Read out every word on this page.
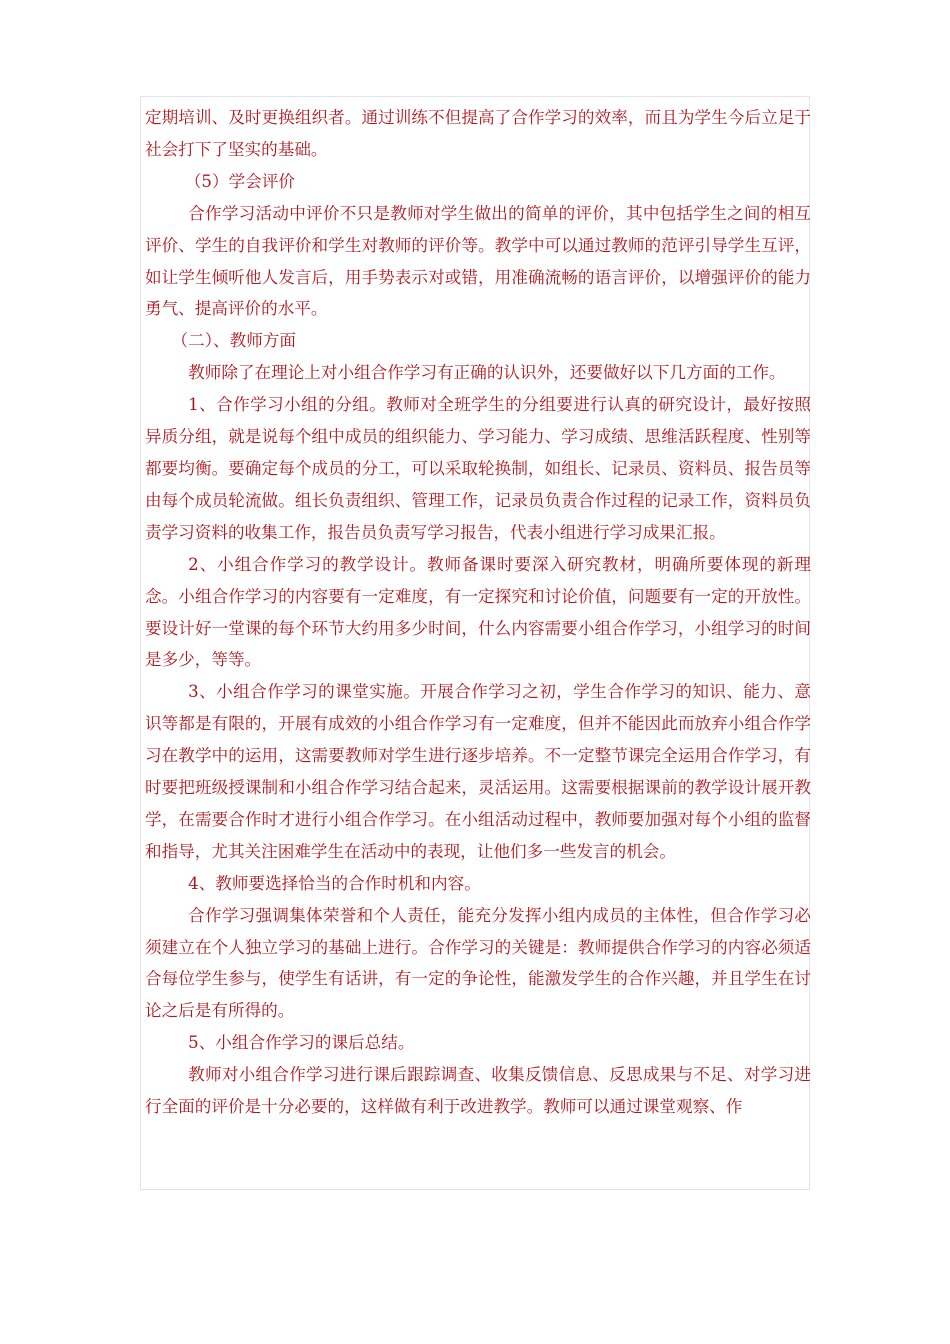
定期培训、及时更换组织者。通过训练不但提高了合作学习的效率，而且为学生今后立足于社会打下了坚实的基础。

（5）学会评价

合作学习活动中评价不只是教师对学生做出的简单的评价，其中包括学生之间的相互评价、学生的自我评价和学生对教师的评价等。教学中可以通过教师的范评引导学生互评，如让学生倾听他人发言后，用手势表示对或错，用准确流畅的语言评价，以增强评价的能力勇气、提高评价的水平。

（二）、教师方面

教师除了在理论上对小组合作学习有正确的认识外，还要做好以下几方面的工作。

1、合作学习小组的分组。教师对全班学生的分组要进行认真的研究设计，最好按照异质分组，就是说每个组中成员的组织能力、学习能力、学习成绩、思维活跃程度、性别等都要均衡。要确定每个成员的分工，可以采取轮换制，如组长、记录员、资料员、报告员等由每个成员轮流做。组长负责组织、管理工作，记录员负责合作过程的记录工作，资料员负责学习资料的收集工作，报告员负责写学习报告，代表小组进行学习成果汇报。

2、小组合作学习的教学设计。教师备课时要深入研究教材，明确所要体现的新理念。小组合作学习的内容要有一定难度，有一定探究和讨论价值，问题要有一定的开放性。要设计好一堂课的每个环节大约用多少时间，什么内容需要小组合作学习，小组学习的时间是多少，等等。

3、小组合作学习的课堂实施。开展合作学习之初，学生合作学习的知识、能力、意识等都是有限的，开展有成效的小组合作学习有一定难度，但并不能因此而放弃小组合作学习在教学中的运用，这需要教师对学生进行逐步培养。不一定整节课完全运用合作学习，有时要把班级授课制和小组合作学习结合起来，灵活运用。这需要根据课前的教学设计展开教学，在需要合作时才进行小组合作学习。在小组活动过程中，教师要加强对每个小组的监督和指导，尤其关注困难学生在活动中的表现，让他们多一些发言的机会。

4、教师要选择恰当的合作时机和内容。

合作学习强调集体荣誉和个人责任，能充分发挥小组内成员的主体性，但合作学习必须建立在个人独立学习的基础上进行。合作学习的关键是：教师提供合作学习的内容必须适合每位学生参与，使学生有话讲，有一定的争论性，能激发学生的合作兴趣，并且学生在讨论之后是有所得的。

5、小组合作学习的课后总结。

教师对小组合作学习进行课后跟踪调查、收集反馈信息、反思成果与不足、对学习进行全面的评价是十分必要的，这样做有利于改进教学。教师可以通过课堂观察、作
